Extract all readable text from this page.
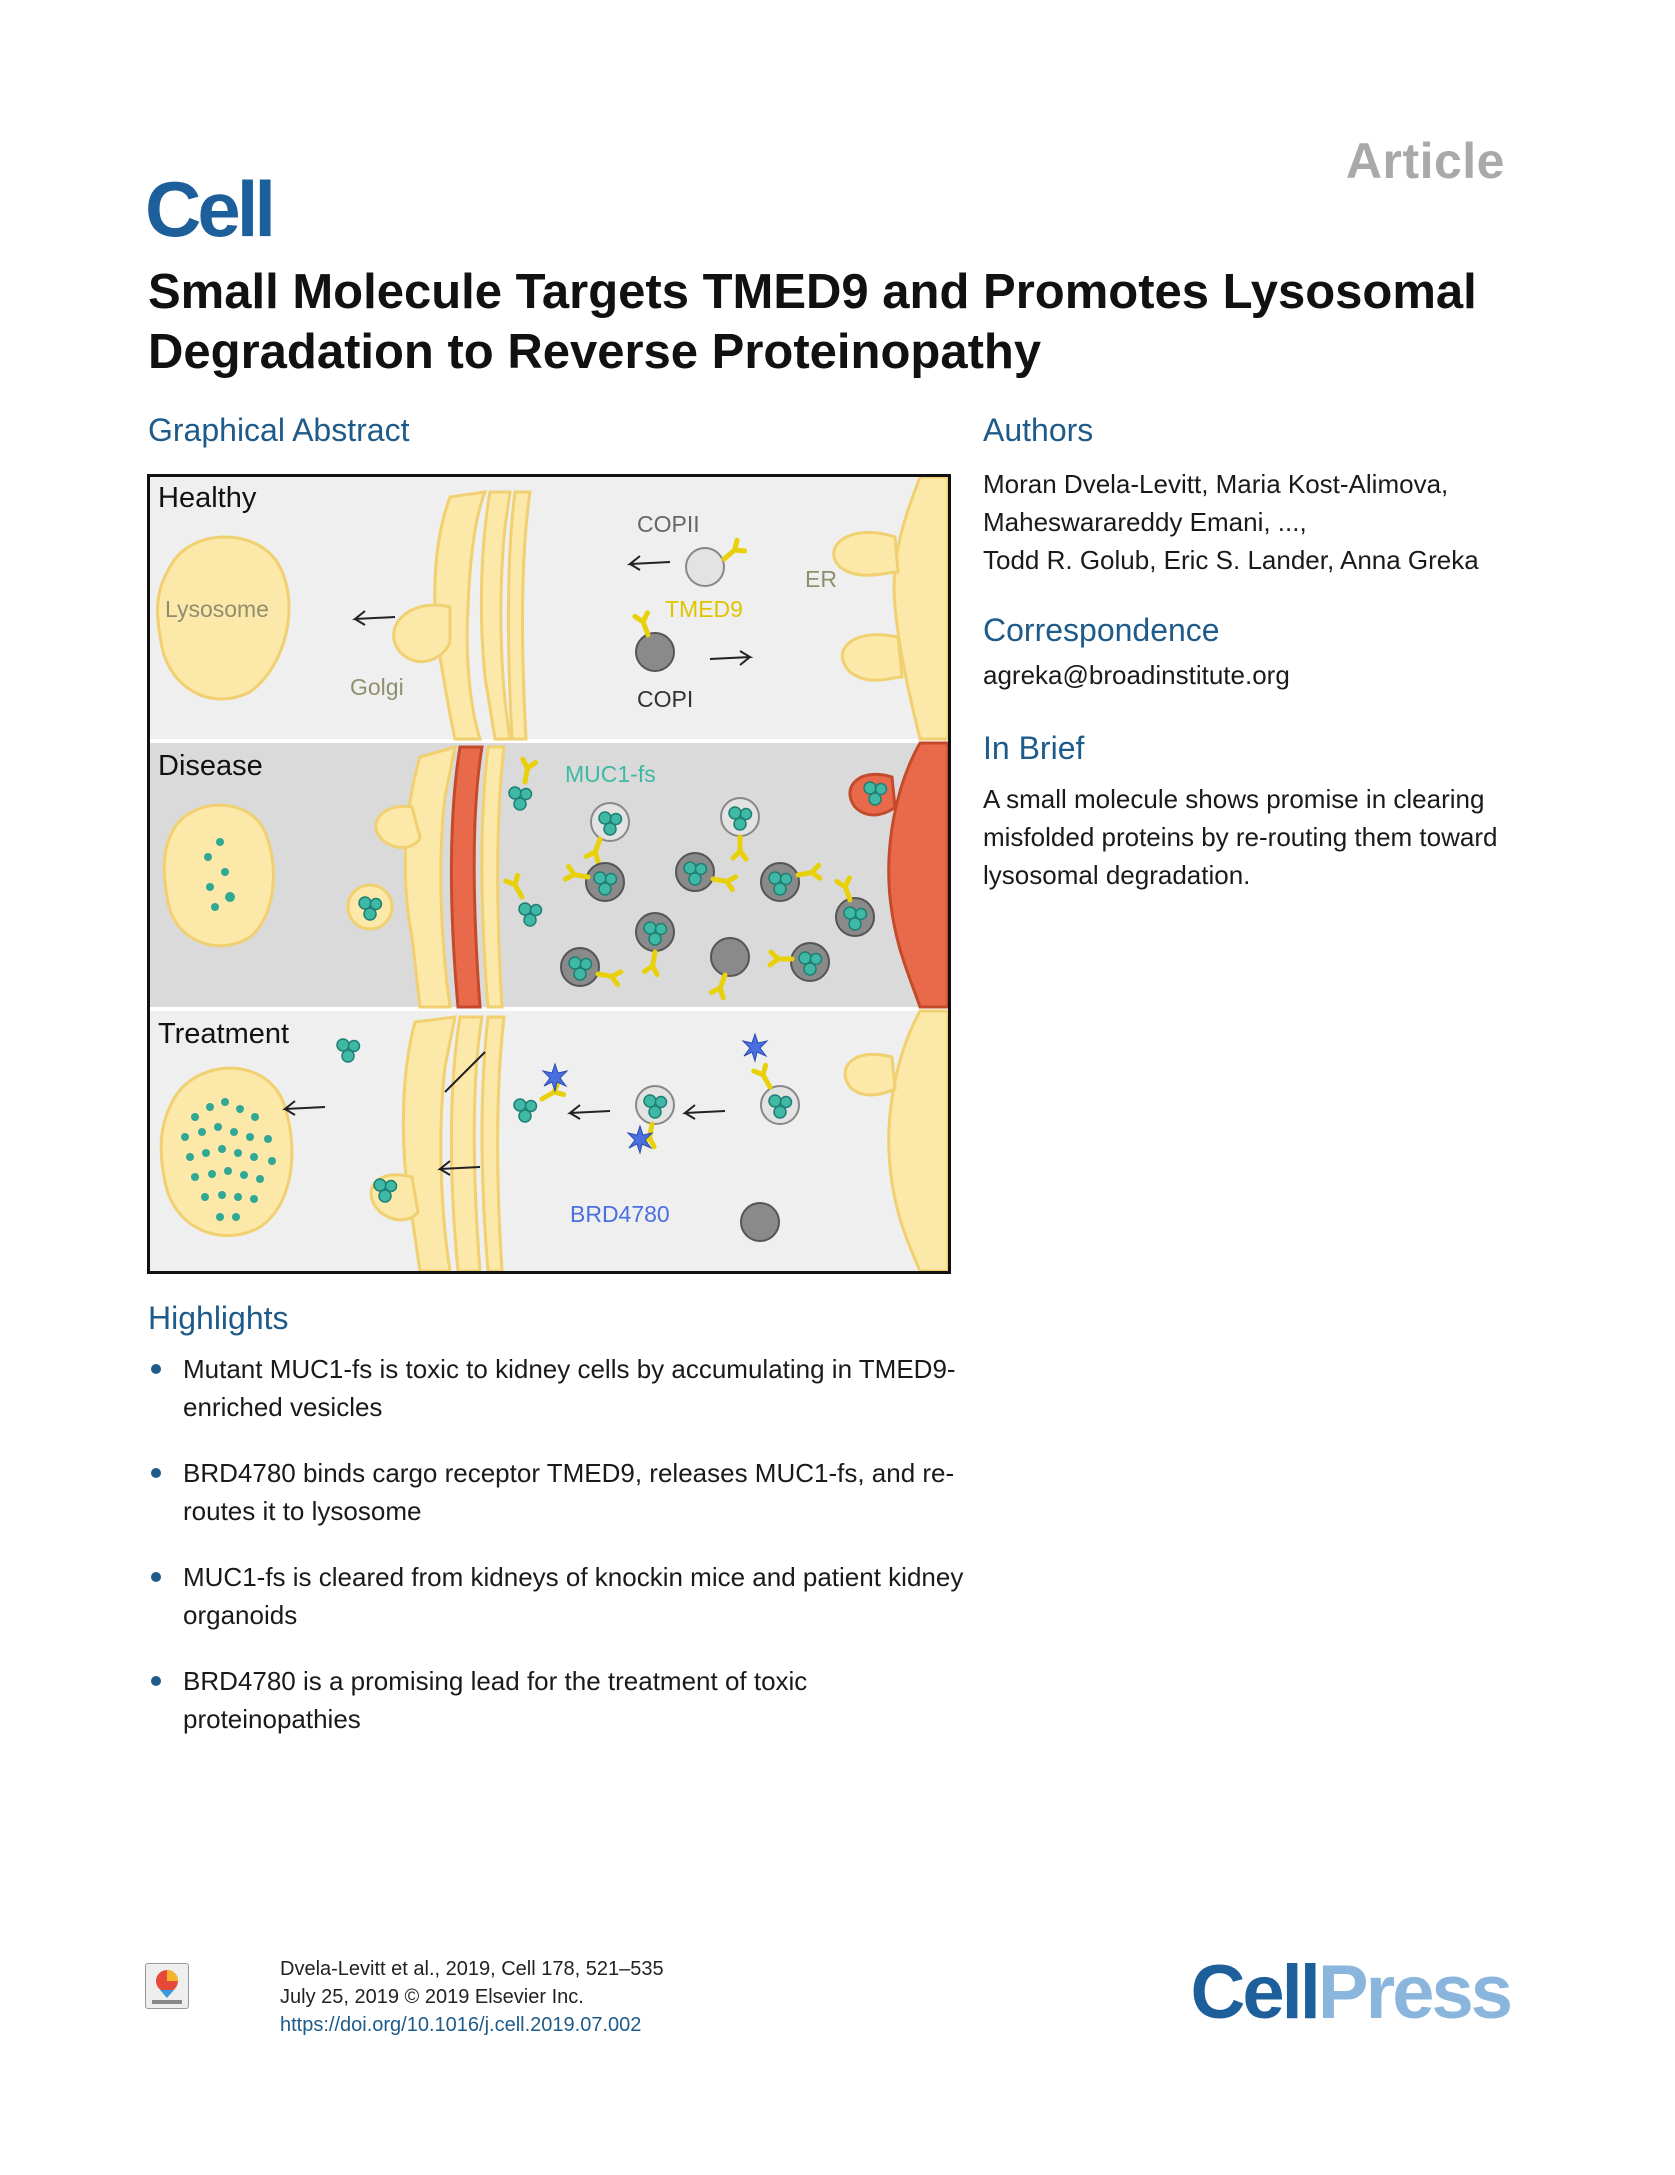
Article
Cell
Small Molecule Targets TMED9 and Promotes Lysosomal Degradation to Reverse Proteinopathy
Graphical Abstract
Healthy
Lysosome
Golgi
ER
COPII
TMED9
COPI
Disease	MUC1-fs
Treatment
BRD4780
Authors
Moran Dvela-Levitt, Maria Kost-Alimova,
Maheswarareddy Emani, ...,
Todd R. Golub, Eric S. Lander, Anna Greka
Correspondence
agreka@broadinstitute.org
In Brief
A small molecule shows promise in clearing misfolded proteins by re-routing them toward lysosomal degradation.
Highlights
Mutant MUC1-fs is toxic to kidney cells by accumulating in TMED9-enriched vesicles
BRD4780 binds cargo receptor TMED9, releases MUC1-fs, and re-routes it to lysosome
MUC1-fs is cleared from kidneys of knockin mice and patient kidney organoids
BRD4780 is a promising lead for the treatment of toxic proteinopathies
Dvela-Levitt et al., 2019, Cell 178, 521–535
July 25, 2019 © 2019 Elsevier Inc.
https://doi.org/10.1016/j.cell.2019.07.002	CellPress
